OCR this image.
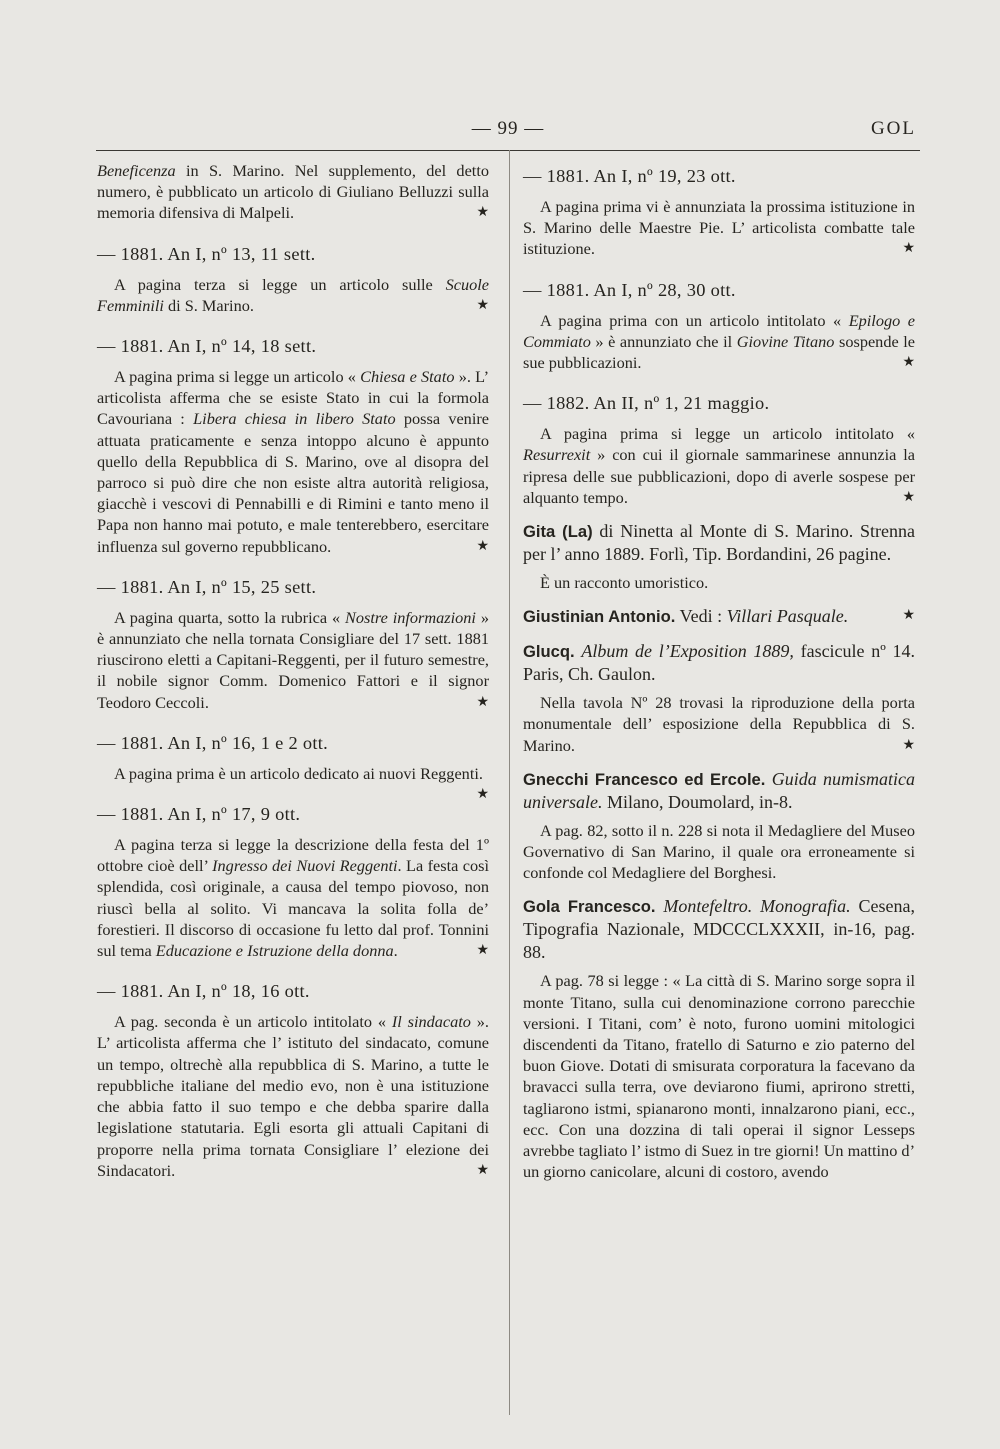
— 99 —	GOL

Beneficenza in S. Marino. Nel supplemento, del detto numero, è pubblicato un articolo di Giuliano Belluzzi sulla memoria difensiva di Malpeli.	★

— 1881. An I, nº 13, 11 sett.

A pagina terza si legge un articolo sulle Scuole Femminili di S. Marino.	★

— 1881. An I, nº 14, 18 sett.

A pagina prima si legge un articolo « Chiesa e Stato ». L’ articolista afferma che se esiste Stato in cui la formola Cavouriana : Libera chiesa in libero Stato possa venire attuata praticamente e senza intoppo alcuno è appunto quello della Repubblica di S. Marino, ove al disopra del parroco si può dire che non esiste altra autorità religiosa, giacchè i vescovi di Pennabilli e di Rimini e tanto meno il Papa non hanno mai potuto, e male tenterebbero, esercitare influenza sul governo repubblicano.	★

— 1881. An I, nº 15, 25 sett.

A pagina quarta, sotto la rubrica « Nostre informazioni » è annunziato che nella tornata Consigliare del 17 sett. 1881 riuscirono eletti a Capitani-Reggenti, per il futuro semestre, il nobile signor Comm. Domenico Fattori e il signor Teodoro Ceccoli.	★

— 1881. An I, nº 16, 1 e 2 ott.

A pagina prima è un articolo dedicato ai nuovi Reggenti.
★

— 1881. An I, nº 17, 9 ott.

A pagina terza si legge la descrizione della festa del 1º ottobre cioè dell’ Ingresso dei Nuovi Reggenti. La festa così splendida, così originale, a causa del tempo piovoso, non riuscì bella al solito. Vi mancava la solita folla de’ forestieri. Il discorso di occasione fu letto dal prof. Tonnini sul tema Educazione e Istruzione della donna.	★

— 1881. An I, nº 18, 16 ott.

A pag. seconda è un articolo intitolato « Il sindacato ». L’ articolista afferma che l’ istituto del sindacato, comune un tempo, oltrechè alla repubblica di S. Marino, a tutte le repubbliche italiane del medio evo, non è una istituzione che abbia fatto il suo tempo e che debba sparire dalla legislatione statutaria. Egli esorta gli attuali Capitani di proporre nella prima tornata Consigliare l’ elezione dei Sindacatori.	★

— 1881. An I, nº 19, 23 ott.

A pagina prima vi è annunziata la prossima istituzione in S. Marino delle Maestre Pie. L’ articolista combatte tale istituzione.	★

— 1881. An I, nº 28, 30 ott.

A pagina prima con un articolo intitolato « Epilogo e Commiato » è annunziato che il Giovine Titano sospende le sue pubblicazioni.	★

— 1882. An II, nº 1, 21 maggio.

A pagina prima si legge un articolo intitolato « Resurrexit » con cui il giornale sammarinese annunzia la ripresa delle sue pubblicazioni, dopo di averle sospese per alquanto tempo.	★

Gita (La) di Ninetta al Monte di S. Marino. Strenna per l’ anno 1889. Forlì, Tip. Bordandini, 26 pagine.

È un racconto umoristico.

Giustinian Antonio. Vedi : Villari Pasquale.	★
Glucq. Album de l’Exposition 1889, fascicule nº 14. Paris, Ch. Gaulon.

Nella tavola Nº 28 trovasi la riproduzione della porta monumentale dell’ esposizione della Repubblica di S. Marino.	★

Gnecchi Francesco ed Ercole. Guida numismatica universale. Milano, Doumolard, in-8.

A pag. 82, sotto il n. 228 si nota il Medagliere del Museo Governativo di San Marino, il quale ora erroneamente si confonde col Medagliere del Borghesi.

Gola Francesco. Montefeltro. Monografia. Cesena, Tipografia Nazionale, MDCCCLXXXII, in-16, pag. 88.

A pag. 78 si legge : « La città di S. Marino sorge sopra il monte Titano, sulla cui denominazione corrono parecchie versioni. I Titani, com’ è noto, furono uomini mitologici discendenti da Titano, fratello di Saturno e zio paterno del buon Giove. Dotati di smisurata corporatura la facevano da bravacci sulla terra, ove deviarono fiumi, aprirono stretti, tagliarono istmi, spianarono monti, innalzarono piani, ecc., ecc. Con una dozzina di tali operai il signor Lesseps avrebbe tagliato l’ istmo di Suez in tre giorni! Un mattino d’ un giorno canicolare, alcuni di costoro, avendo
